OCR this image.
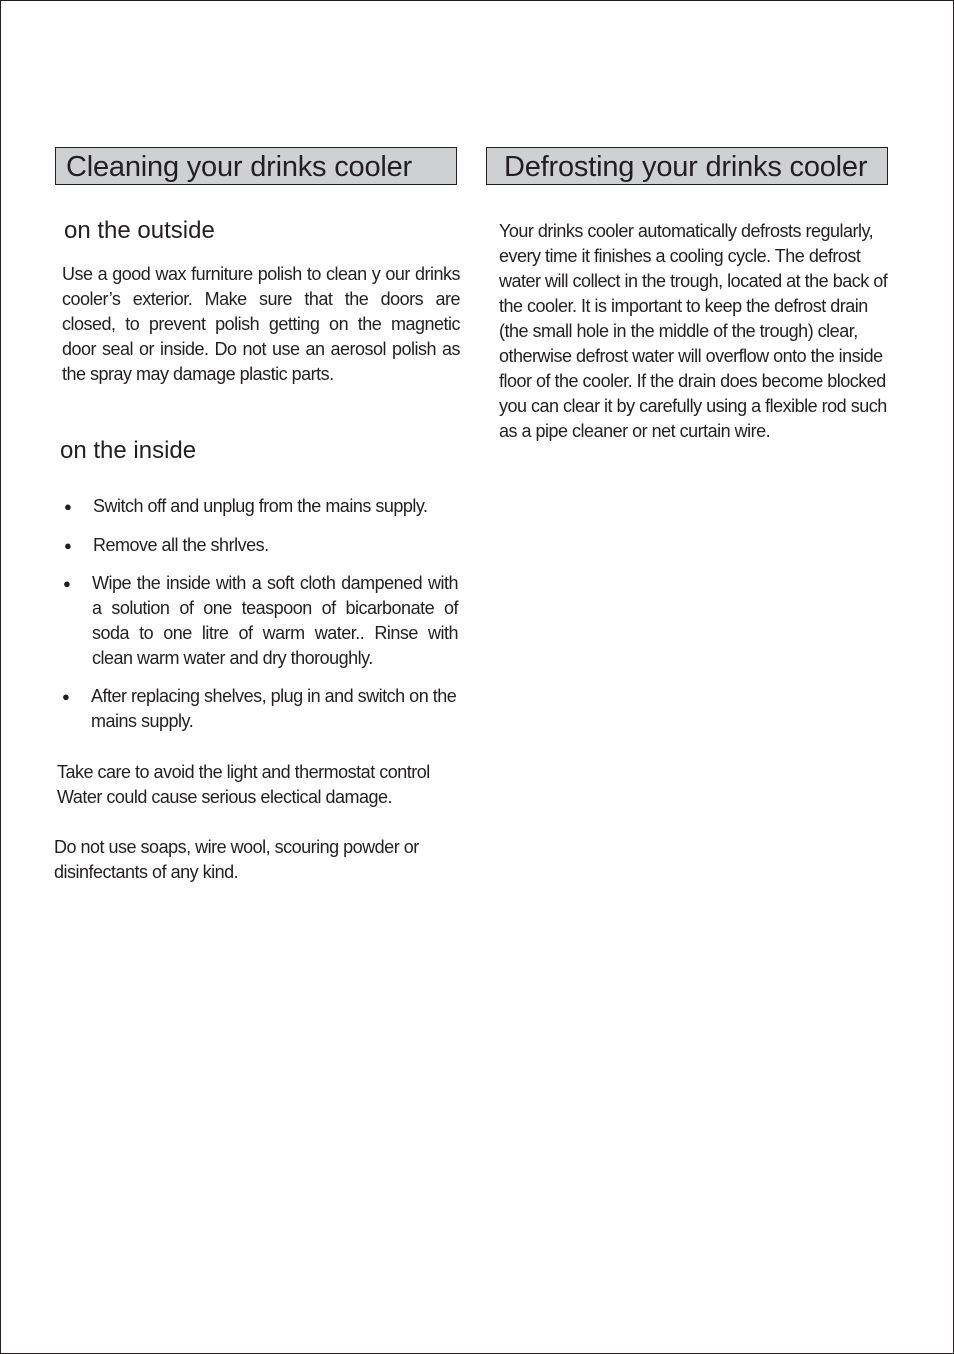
Cleaning your drinks cooler	Defrosting your drinks cooler
on the outside
Use a good wax furniture polish to clean y our drinks cooler’s exterior. Make sure that the doors are closed, to prevent polish getting on the magnetic door seal or inside. Do not use an aerosol polish as the spray may damage plastic parts.
on the inside
● Switch off and unplug from the mains supply.
● Remove all the shrlves.
● Wipe the inside with a soft cloth dampened with a solution of one teaspoon of bicarbonate of soda to one litre of warm water.. Rinse with clean warm water and dry thoroughly.
● After replacing shelves, plug in and switch on the mains supply.
Take care to avoid the light and thermostat control Water could cause serious electical damage.
Do not use soaps, wire wool, scouring powder or disinfectants of any kind.
Your drinks cooler automatically defrosts regularly, every time it finishes a cooling cycle. The defrost water will collect in the trough, located at the back of the cooler. It is important to keep the defrost drain (the small hole in the middle of the trough) clear, otherwise defrost water will overflow onto the inside floor of the cooler. If the drain does become blocked you can clear it by carefully using a flexible rod such as a pipe cleaner or net curtain wire.
